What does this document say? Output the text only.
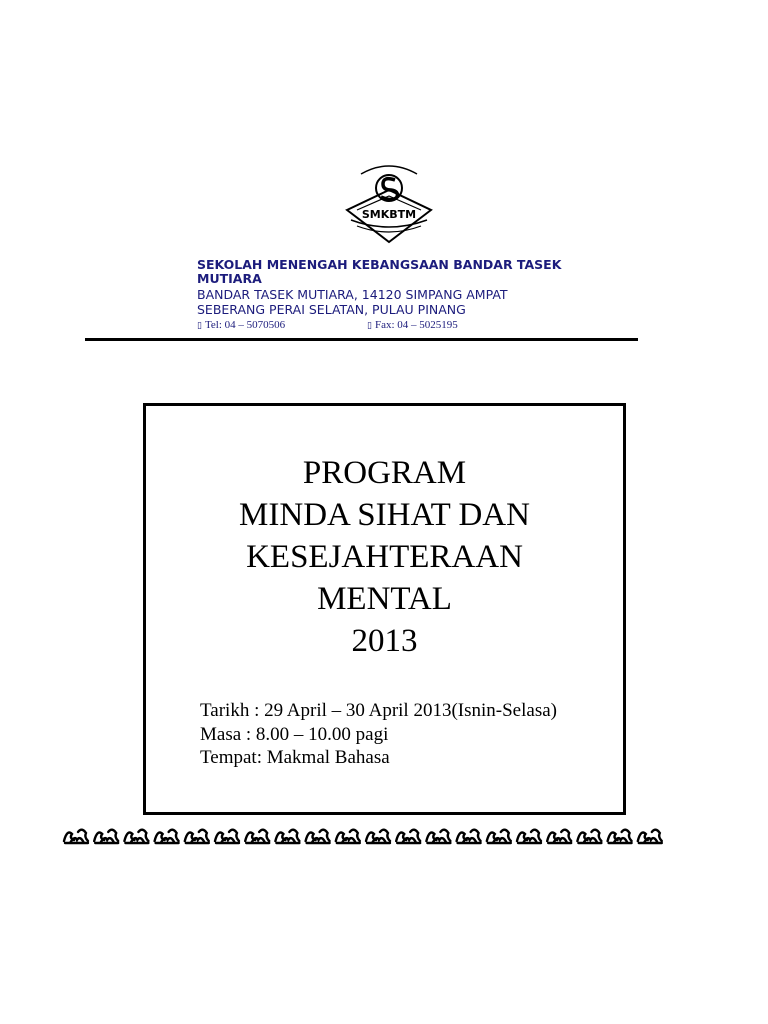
SMKBTM

SEKOLAH MENENGAH KEBANGSAAN BANDAR TASEK MUTIARA

BANDAR TASEK MUTIARA, 14120 SIMPANG AMPAT

SEBERANG PERAI SELATAN, PULAU PINANG

▯ Tel: 04 – 5070506	▯ Fax: 04 – 5025195
PROGRAM
MINDA SIHAT DAN
KESEJAHTERAAN
MENTAL
2013
Tarikh : 29 April – 30 April 2013(Isnin-Selasa)
Masa : 8.00 – 10.00 pagi
Tempat: Makmal Bahasa
